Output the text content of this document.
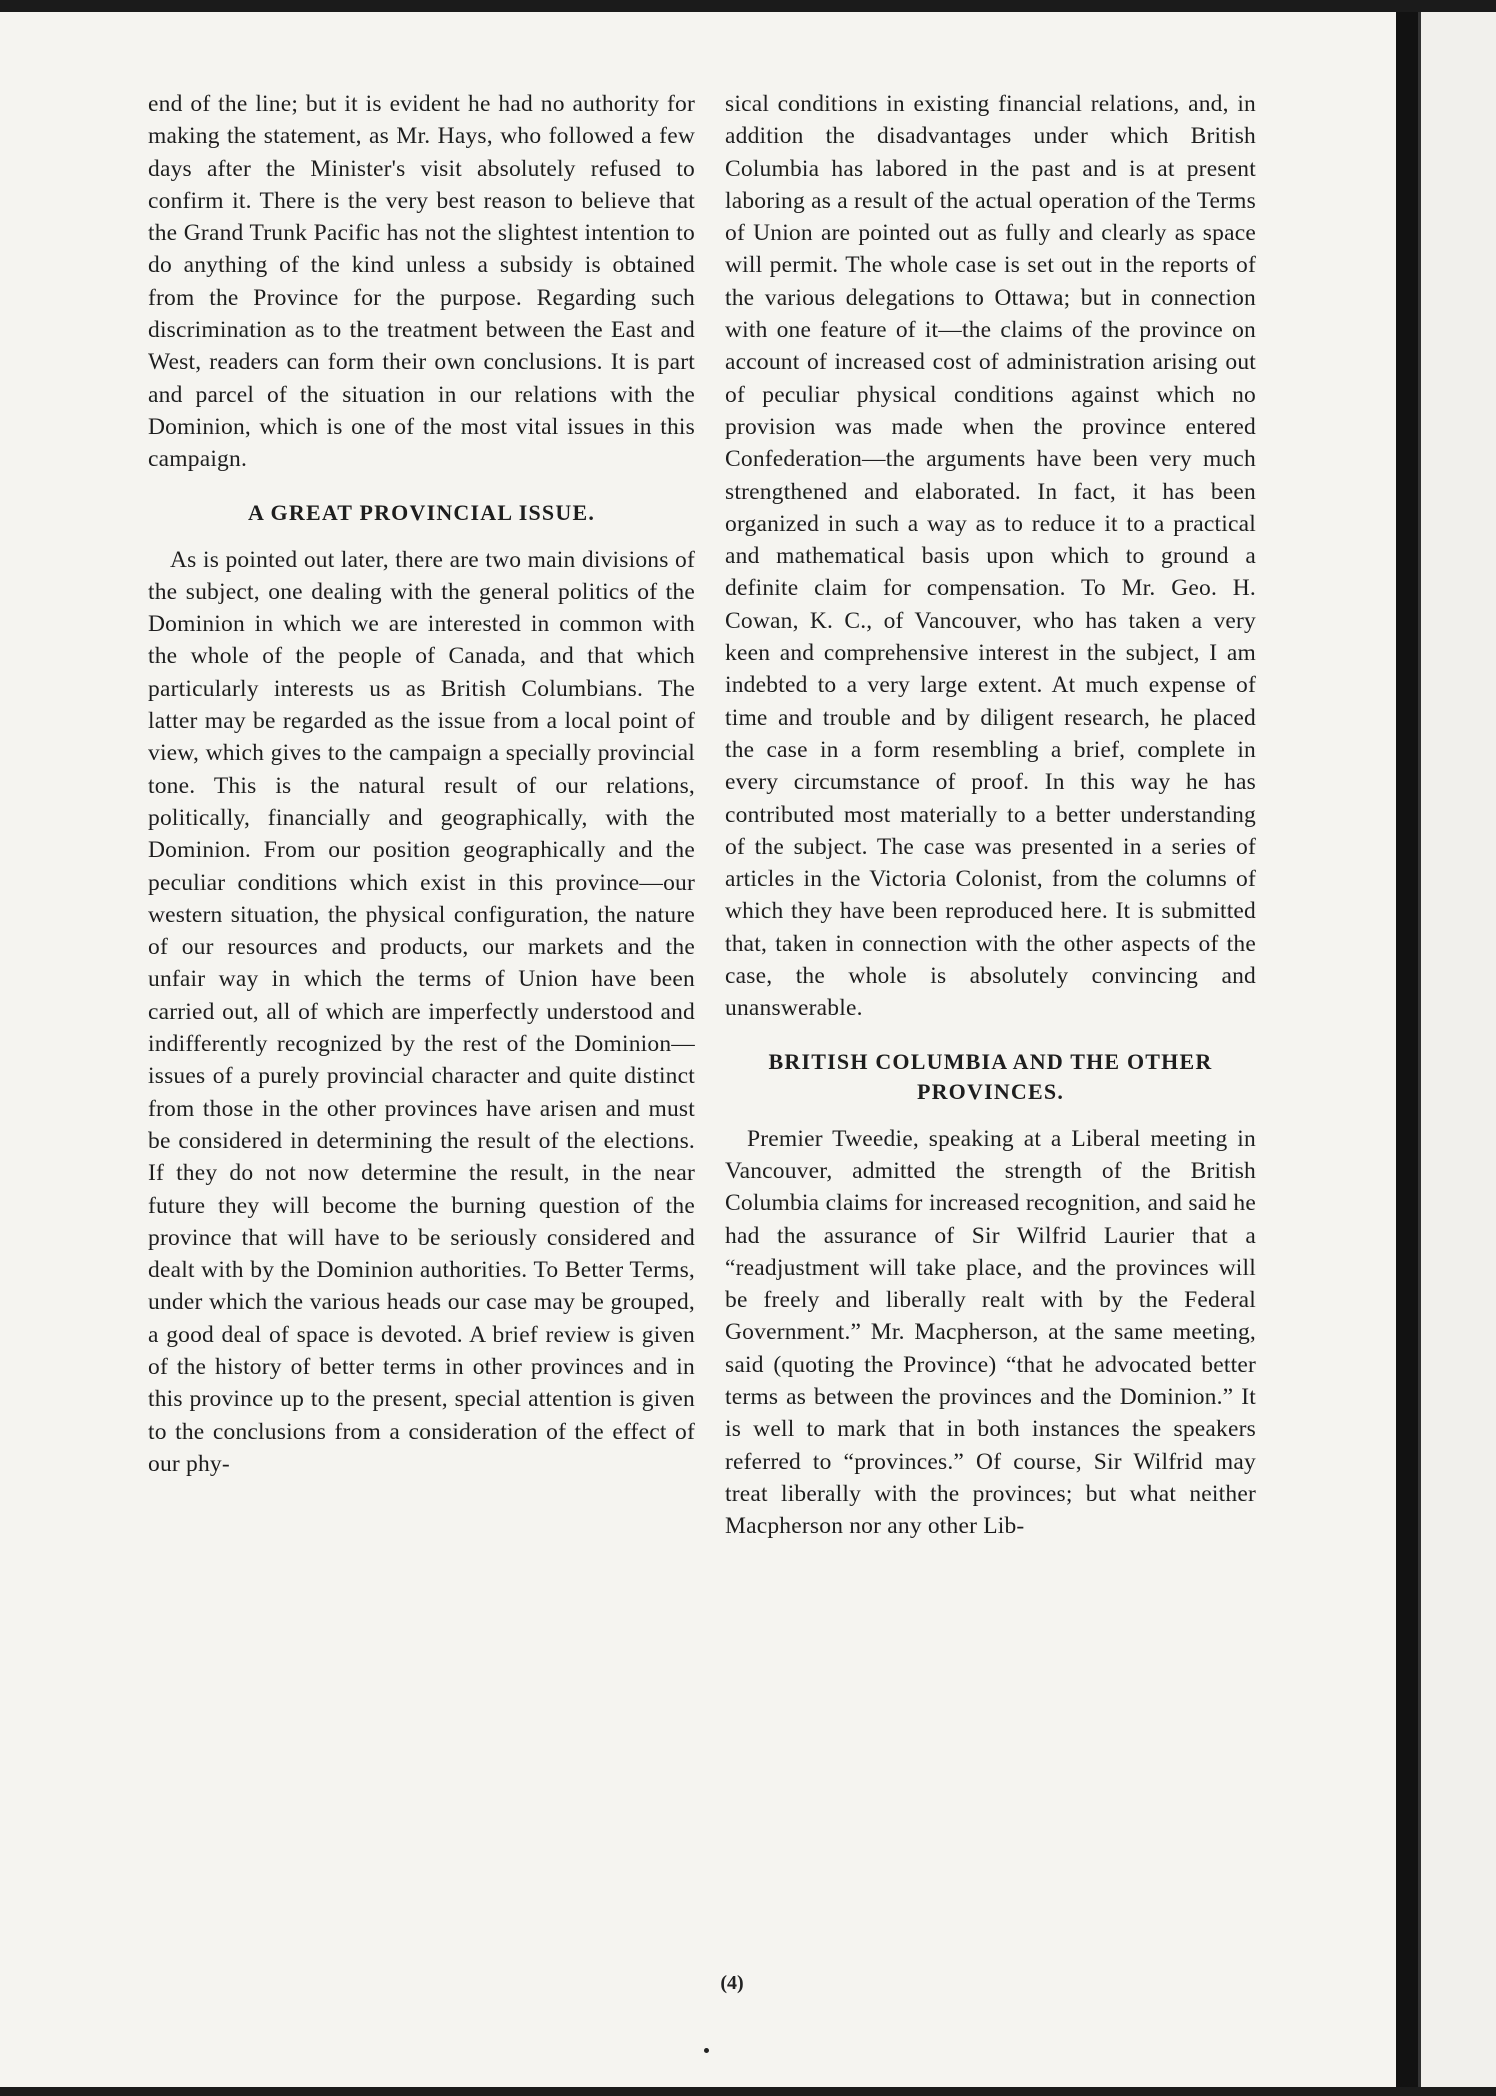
end of the line; but it is evident he had no authority for making the statement, as Mr. Hays, who followed a few days after the Minister's visit absolutely refused to confirm it. There is the very best reason to believe that the Grand Trunk Pacific has not the slightest intention to do anything of the kind unless a subsidy is obtained from the Province for the purpose. Regarding such discrimination as to the treatment between the East and West, readers can form their own conclusions. It is part and parcel of the situation in our relations with the Dominion, which is one of the most vital issues in this campaign.

A GREAT PROVINCIAL ISSUE.

As is pointed out later, there are two main divisions of the subject, one dealing with the general politics of the Dominion in which we are interested in common with the whole of the people of Canada, and that which particularly interests us as British Columbians. The latter may be regarded as the issue from a local point of view, which gives to the campaign a specially provincial tone. This is the natural result of our relations, politically, financially and geographically, with the Dominion. From our position geographically and the peculiar conditions which exist in this province—our western situation, the physical configuration, the nature of our resources and products, our markets and the unfair way in which the terms of Union have been carried out, all of which are imperfectly understood and indifferently recognized by the rest of the Dominion—issues of a purely provincial character and quite distinct from those in the other provinces have arisen and must be considered in determining the result of the elections. If they do not now determine the result, in the near future they will become the burning question of the province that will have to be seriously considered and dealt with by the Dominion authorities. To Better Terms, under which the various heads our case may be grouped, a good deal of space is devoted. A brief review is given of the history of better terms in other provinces and in this province up to the present, special attention is given to the conclusions from a consideration of the effect of our phy-

sical conditions in existing financial relations, and, in addition the disadvantages under which British Columbia has labored in the past and is at present laboring as a result of the actual operation of the Terms of Union are pointed out as fully and clearly as space will permit. The whole case is set out in the reports of the various delegations to Ottawa; but in connection with one feature of it—the claims of the province on account of increased cost of administration arising out of peculiar physical conditions against which no provision was made when the province entered Confederation—the arguments have been very much strengthened and elaborated. In fact, it has been organized in such a way as to reduce it to a practical and mathematical basis upon which to ground a definite claim for compensation. To Mr. Geo. H. Cowan, K. C., of Vancouver, who has taken a very keen and comprehensive interest in the subject, I am indebted to a very large extent. At much expense of time and trouble and by diligent research, he placed the case in a form resembling a brief, complete in every circumstance of proof. In this way he has contributed most materially to a better understanding of the subject. The case was presented in a series of articles in the Victoria Colonist, from the columns of which they have been reproduced here. It is submitted that, taken in connection with the other aspects of the case, the whole is absolutely convincing and unanswerable.

BRITISH COLUMBIA AND THE OTHER PROVINCES.

Premier Tweedie, speaking at a Liberal meeting in Vancouver, admitted the strength of the British Columbia claims for increased recognition, and said he had the assurance of Sir Wilfrid Laurier that a “readjustment will take place, and the provinces will be freely and liberally realt with by the Federal Government.” Mr. Macpherson, at the same meeting, said (quoting the Province) “that he advocated better terms as between the provinces and the Dominion.” It is well to mark that in both instances the speakers referred to “provinces.” Of course, Sir Wilfrid may treat liberally with the provinces; but what neither Macpherson nor any other Lib-

(4)
